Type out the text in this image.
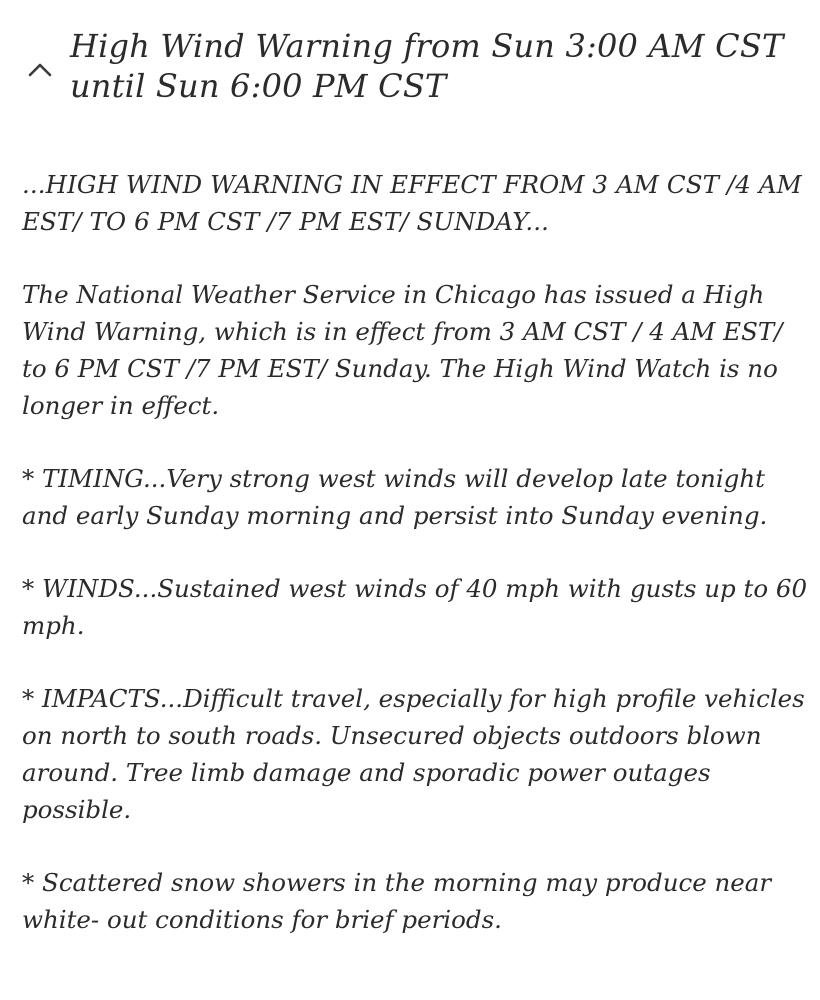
High Wind Warning from Sun 3:00 AM CST until Sun 6:00 PM CST

...HIGH WIND WARNING IN EFFECT FROM 3 AM CST /4 AM EST/ TO 6 PM CST /7 PM EST/ SUNDAY...

The National Weather Service in Chicago has issued a High Wind Warning, which is in effect from 3 AM CST / 4 AM EST/ to 6 PM CST /7 PM EST/ Sunday. The High Wind Watch is no longer in effect.

* TIMING...Very strong west winds will develop late tonight and early Sunday morning and persist into Sunday evening.

* WINDS...Sustained west winds of 40 mph with gusts up to 60 mph.

* IMPACTS...Difficult travel, especially for high profile vehicles on north to south roads. Unsecured objects outdoors blown around. Tree limb damage and sporadic power outages possible.

* Scattered snow showers in the morning may produce near white- out conditions for brief periods.
